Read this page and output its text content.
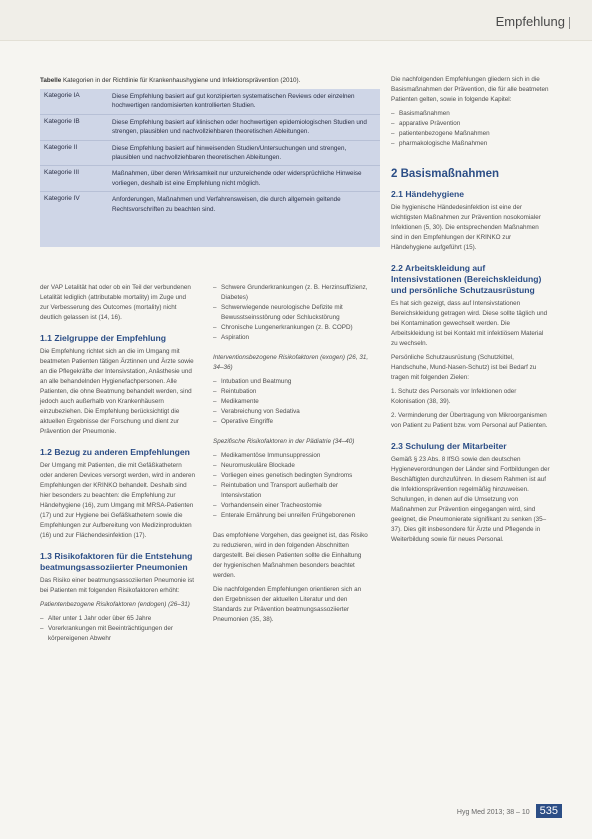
Empfehlung
Tabelle Kategorien in der Richtlinie für Krankenhaushygiene und Infektionsprävention (2010).
Kategorie IA	Diese Empfehlung basiert auf gut konzipierten systematischen Reviews oder einzelnen hochwertigen randomisierten kontrollierten Studien.
Kategorie IB	Diese Empfehlung basiert auf klinischen oder hochwertigen epidemiologischen Studien und strengen, plausiblen und nachvollziehbaren theoretischen Ableitungen.
Kategorie II	Diese Empfehlung basiert auf hinweisenden Studien/Untersuchungen und strengen, plausiblen und nachvollziehbaren theoretischen Ableitungen.
Kategorie III	Maßnahmen, über deren Wirksamkeit nur unzureichende oder widersprüchliche Hinweise vorliegen, deshalb ist eine Empfehlung nicht möglich.
Kategorie IV	Anforderungen, Maßnahmen und Verfahrensweisen, die durch allgemein geltende Rechtsvorschriften zu beachten sind.

der VAP Letalität hat oder ob ein Teil der verbundenen Letalität lediglich (attributable mortality) im Zuge und zur Verbesserung des Outcomes (mortality) nicht deutlich gelassen ist (14, 16).

1.1 Zielgruppe der Empfehlung

Die Empfehlung richtet sich an die im Umgang mit beatmeten Patienten tätigen Ärztinnen und Ärzte sowie an die Pflegekräfte der Intensivstation, Anästhesie und an alle behandelnden Hygienefachpersonen. Alle Patienten, die ohne Beatmung behandelt werden, sind jedoch auch außerhalb von Krankenhäusern einzubeziehen. Die Empfehlung berücksichtigt die aktuellen Ergebnisse der Forschung und dient zur Prävention der Pneumonie.

1.2 Bezug zu anderen Empfehlungen

Der Umgang mit Patienten, die mit Gefäßkathetern oder anderen Devices versorgt werden, wird in anderen Empfehlungen der KRINKO behandelt. Deshalb sind hier besonders zu beachten: die Empfehlung zur Händehygiene (16), zum Umgang mit MRSA-Patienten (17) und zur Hygiene bei Gefäßkathetern sowie die Empfehlungen zur Aufbereitung von Medizinprodukten (16) und zur Flächendesinfektion (17).

1.3 Risikofaktoren für die Entstehung beatmungsassoziierter Pneumonien

Das Risiko einer beatmungsassoziierten Pneumonie ist bei Patienten mit folgenden Risikofaktoren erhöht:

Patientenbezogene Risikofaktoren (endogen) (26–31)

– Alter unter 1 Jahr oder über 65 Jahre
– Vorerkrankungen mit Beeinträchtigungen der körpereigenen Abwehr
– Schwere Grunderkrankungen (z. B. Herzinsuffizienz, Diabetes)
– Schwerwiegende neurologische Defizite mit Bewusstseinsstörung oder Schluckstörung
– Chronische Lungenerkrankungen (z. B. COPD)
– Aspiration

Interventionsbezogene Risikofaktoren (exogen) (26, 31, 34–36)

– Intubation und Beatmung
– Reintubation
– Medikamente
– Verabreichung von Sedativa
– Operative Eingriffe

Spezifische Risikofaktoren in der Pädiatrie (34–40)

– Medikamentöse Immunsuppression
– Neuromuskuläre Blockade
– Vorliegen eines genetisch bedingten Syndroms
– Reintubation und Transport außerhalb der Intensivstation
– Vorhandensein einer Tracheostomie
– Enterale Ernährung bei unreifen Frühgeborenen

Das empfohlene Vorgehen, das geeignet ist, das Risiko zu reduzieren, wird in den folgenden Abschnitten dargestellt. Bei diesen Patienten sollte die Einhaltung der hygienischen Maßnahmen besonders beachtet werden.

Die nachfolgenden Empfehlungen orientieren sich an den Ergebnissen der aktuellen Literatur und den Standards zur Prävention beatmungsassoziierter Pneumonien (35, 38).

Die nachfolgenden Empfehlungen gliedern sich in die Basismaßnahmen der Prävention, die für alle beatmeten Patienten gelten, sowie in folgende Kapitel:

– Basismaßnahmen
– apparative Prävention
– patientenbezogene Maßnahmen
– pharmakologische Maßnahmen
2 Basismaßnahmen
2.1 Händehygiene

Die hygienische Händedesinfektion ist eine der wichtigsten Maßnahmen zur Prävention nosokomialer Infektionen (5, 30). Die entsprechenden Maßnahmen sind in den Empfehlungen der KRINKO zur Händehygiene aufgeführt (15).

2.2 Arbeitskleidung auf Intensivstationen (Bereichskleidung) und persönliche Schutzausrüstung

Es hat sich gezeigt, dass auf Intensivstationen Bereichskleidung getragen wird. Diese sollte täglich und bei Kontamination gewechselt werden. Die Arbeitskleidung ist bei Kontakt mit infektiösem Material zu wechseln.

Persönliche Schutzausrüstung (Schutzkittel, Handschuhe, Mund-Nasen-Schutz) ist bei Bedarf zu tragen mit folgenden Zielen:

1. Schutz des Personals vor Infektionen oder Kolonisation (38, 39).

2. Verminderung der Übertragung von Mikroorganismen von Patient zu Patient bzw. vom Personal auf Patienten.

2.3 Schulung der Mitarbeiter

Gemäß § 23 Abs. 8 IfSG sowie den deutschen Hygieneverordnungen der Länder sind Fortbildungen der Beschäftigten durchzuführen. In diesem Rahmen ist auf die Infektionsprävention regelmäßig hinzuweisen. Schulungen, in denen auf die Umsetzung von Maßnahmen zur Prävention eingegangen wird, sind geeignet, die Pneumonierate signifikant zu senken (35–37). Dies gilt insbesondere für Ärzte und Pflegende in Weiterbildung sowie für neues Personal.

Hyg Med 2013; 38 – 10 535
